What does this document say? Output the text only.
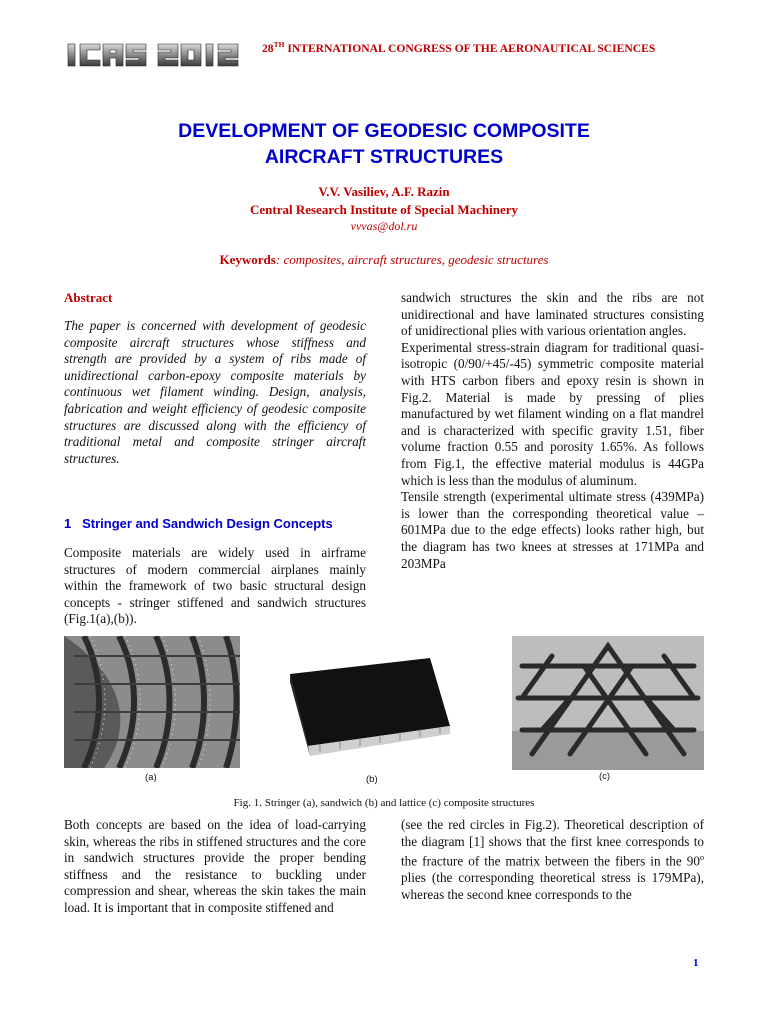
28TH INTERNATIONAL CONGRESS OF THE AERONAUTICAL SCIENCES
DEVELOPMENT OF GEODESIC COMPOSITE
AIRCRAFT STRUCTURES
V.V. Vasiliev, A.F. Razin
Central Research Institute of Special Machinery
vvvas@dol.ru
Keywords: composites, aircraft structures, geodesic structures
Abstract

The paper is concerned with development of geodesic composite aircraft structures whose stiffness and strength are provided by a system of ribs made of unidirectional carbon-epoxy composite materials by continuous wet filament winding. Design, analysis, fabrication and weight efficiency of geodesic composite structures are discussed along with the efficiency of traditional metal and composite stringer aircraft structures.

1 Stringer and Sandwich Design Concepts

Composite materials are widely used in airframe structures of modern commercial airplanes mainly within the framework of two basic structural design concepts - stringer stiffened and sandwich structures (Fig.1(a),(b)).

sandwich structures the skin and the ribs are not unidirectional and have laminated structures consisting of unidirectional plies with various orientation angles.

Experimental stress-strain diagram for traditional quasi-isotropic (0/90/+45/-45) symmetric composite material with HTS carbon fibers and epoxy resin is shown in Fig.2. Material is made by pressing of plies manufactured by wet filament winding on a flat mandrel and is characterized with specific gravity 1.51, fiber volume fraction 0.55 and porosity 1.65%. As follows from Fig.1, the effective material modulus is 44GPa which is less than the modulus of aluminum.

Tensile strength (experimental ultimate stress (439MPa) is lower than the corresponding theoretical value – 601MPa due to the edge effects) looks rather high, but the diagram has two knees at stresses at 171MPa and 203MPa

(a)	(b)	(c)
Fig. 1. Stringer (a), sandwich (b) and lattice (c) composite structures

Both concepts are based on the idea of load-carrying skin, whereas the ribs in stiffened structures and the core in sandwich structures provide the proper bending stiffness and the resistance to buckling under compression and shear, whereas the skin takes the main load. It is important that in composite stiffened and

(see the red circles in Fig.2). Theoretical description of the diagram [1] shows that the first knee corresponds to the fracture of the matrix between the fibers in the 90$^o$ plies (the corresponding theoretical stress is 179MPa), whereas the second knee corresponds to the

1
